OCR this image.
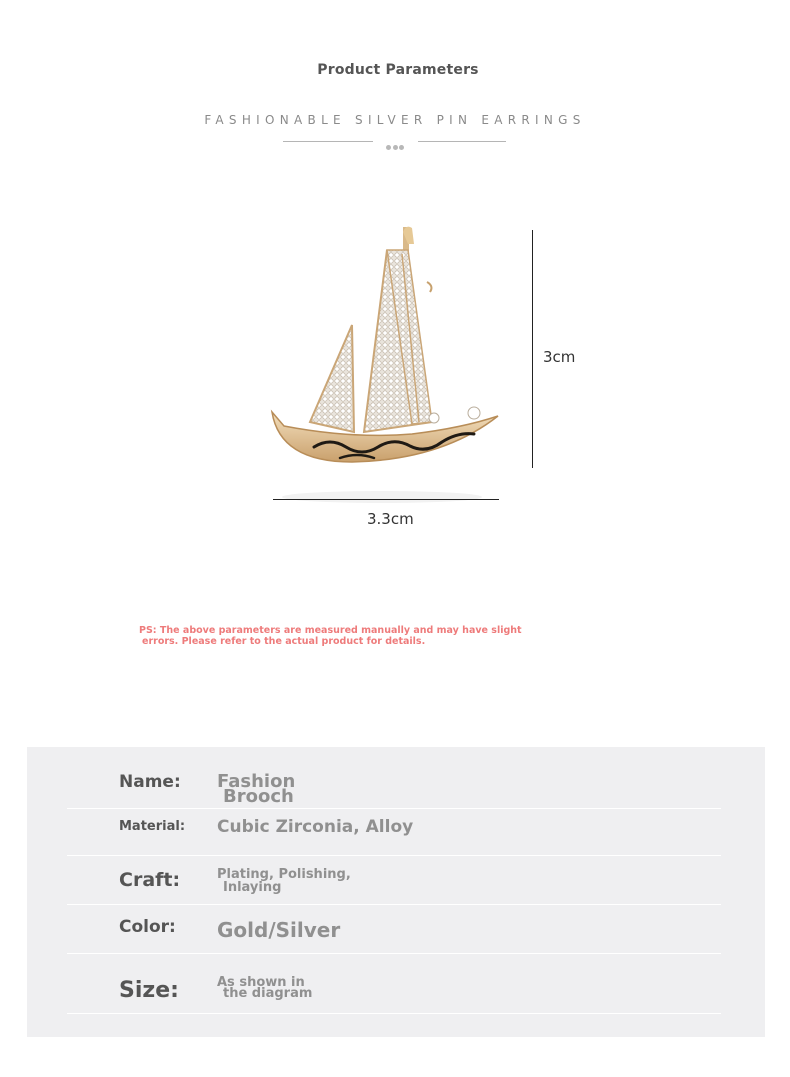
Product Parameters
FASHIONABLE SILVER PIN EARRINGS
3cm
3.3cm
PS: The above parameters are measured manually and may have slight
errors. Please refer to the actual product for details.
Name: Fashion
Brooch
Material: Cubic Zirconia, Alloy
Craft:	Plating, Polishing,
Inlaying
Color: Gold/Silver
Size:	As shown in
the diagram
